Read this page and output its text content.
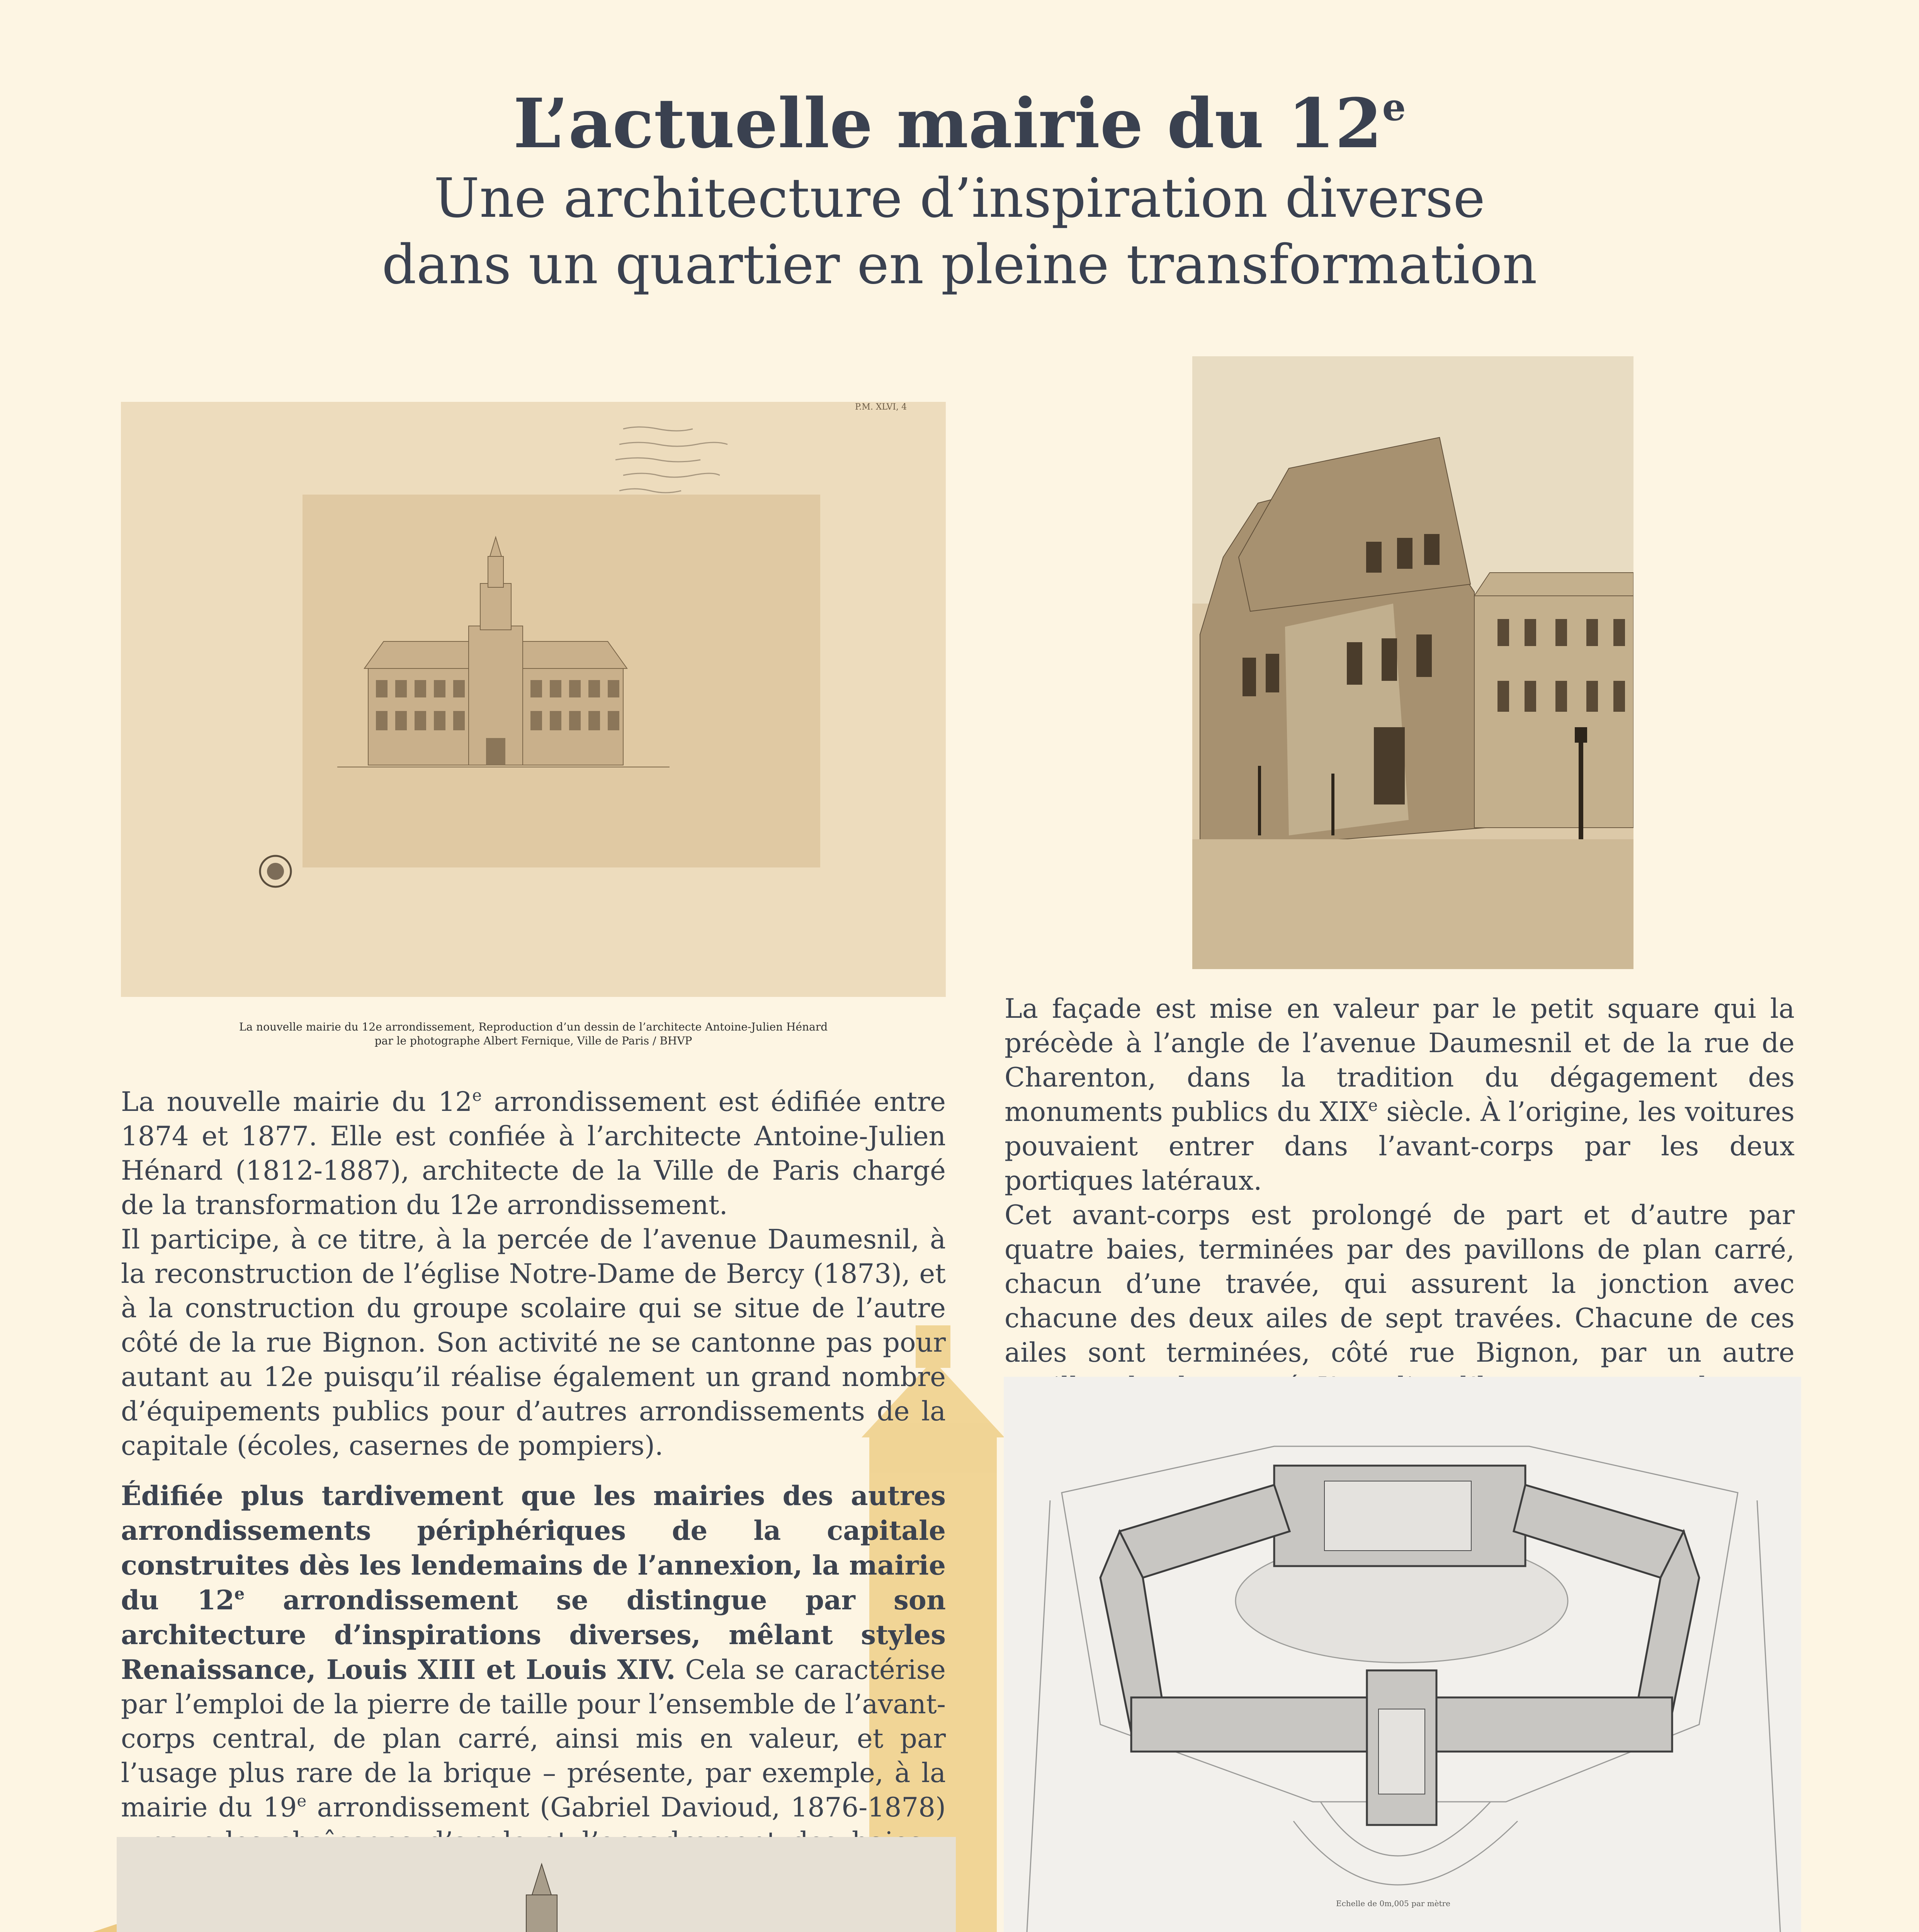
L’actuelle mairie du 12e
Une architecture d’inspiration diverse
dans un quartier en pleine transformation
P.M. XLVI, 4
La nouvelle mairie du 12e arrondissement, Reproduction d’un dessin de l’architecte Antoine-Julien Hénard
par le photographe Albert Fernique, Ville de Paris / BHVP

La nouvelle mairie du 12e arrondissement est édifiée entre 1874 et 1877. Elle est confiée à l’architecte Antoine-Julien Hénard (1812-1887), architecte de la Ville de Paris chargé de la transformation du 12e arrondissement.

Il participe, à ce titre, à la percée de l’avenue Daumesnil, à la reconstruction de l’église Notre-Dame de Bercy (1873), et à la construction du groupe scolaire qui se situe de l’autre côté de la rue Bignon. Son activité ne se cantonne pas pour autant au 12e puisqu’il réalise également un grand nombre d’équipements publics pour d’autres arrondissements de la capitale (écoles, casernes de pompiers).

Édifiée plus tardivement que les mairies des autres arrondissements périphériques de la capitale construites dès les lendemains de l’annexion, la mairie du 12e arrondissement se distingue par son architecture d’inspirations diverses, mêlant styles Renaissance, Louis XIII et Louis XIV. Cela se caractérise par l’emploi de la pierre de taille pour l’ensemble de l’avant-corps central, de plan carré, ainsi mis en valeur, et par l’usage plus rare de la brique – présente, par exemple, à la mairie du 19e arrondissement (Gabriel Davioud, 1876-1878)

La façade est mise en valeur par le petit square qui la précède à l’angle de l’avenue Daumesnil et de la rue de Charenton, dans la tradition du dégagement des monuments publics du XIXe siècle. À l’origine, les voitures pouvaient entrer dans l’avant-corps par les deux portiques latéraux.

Cet avant-corps est prolongé de part et d’autre par quatre baies, terminées par des pavillons de plan carré, chacun d’une travée, qui assurent la jonction avec chacune des deux ailes de sept travées. Chacune de ces ailes sont terminées, côté rue Bignon, par un autre

Echelle de 0m,005 par mètre
